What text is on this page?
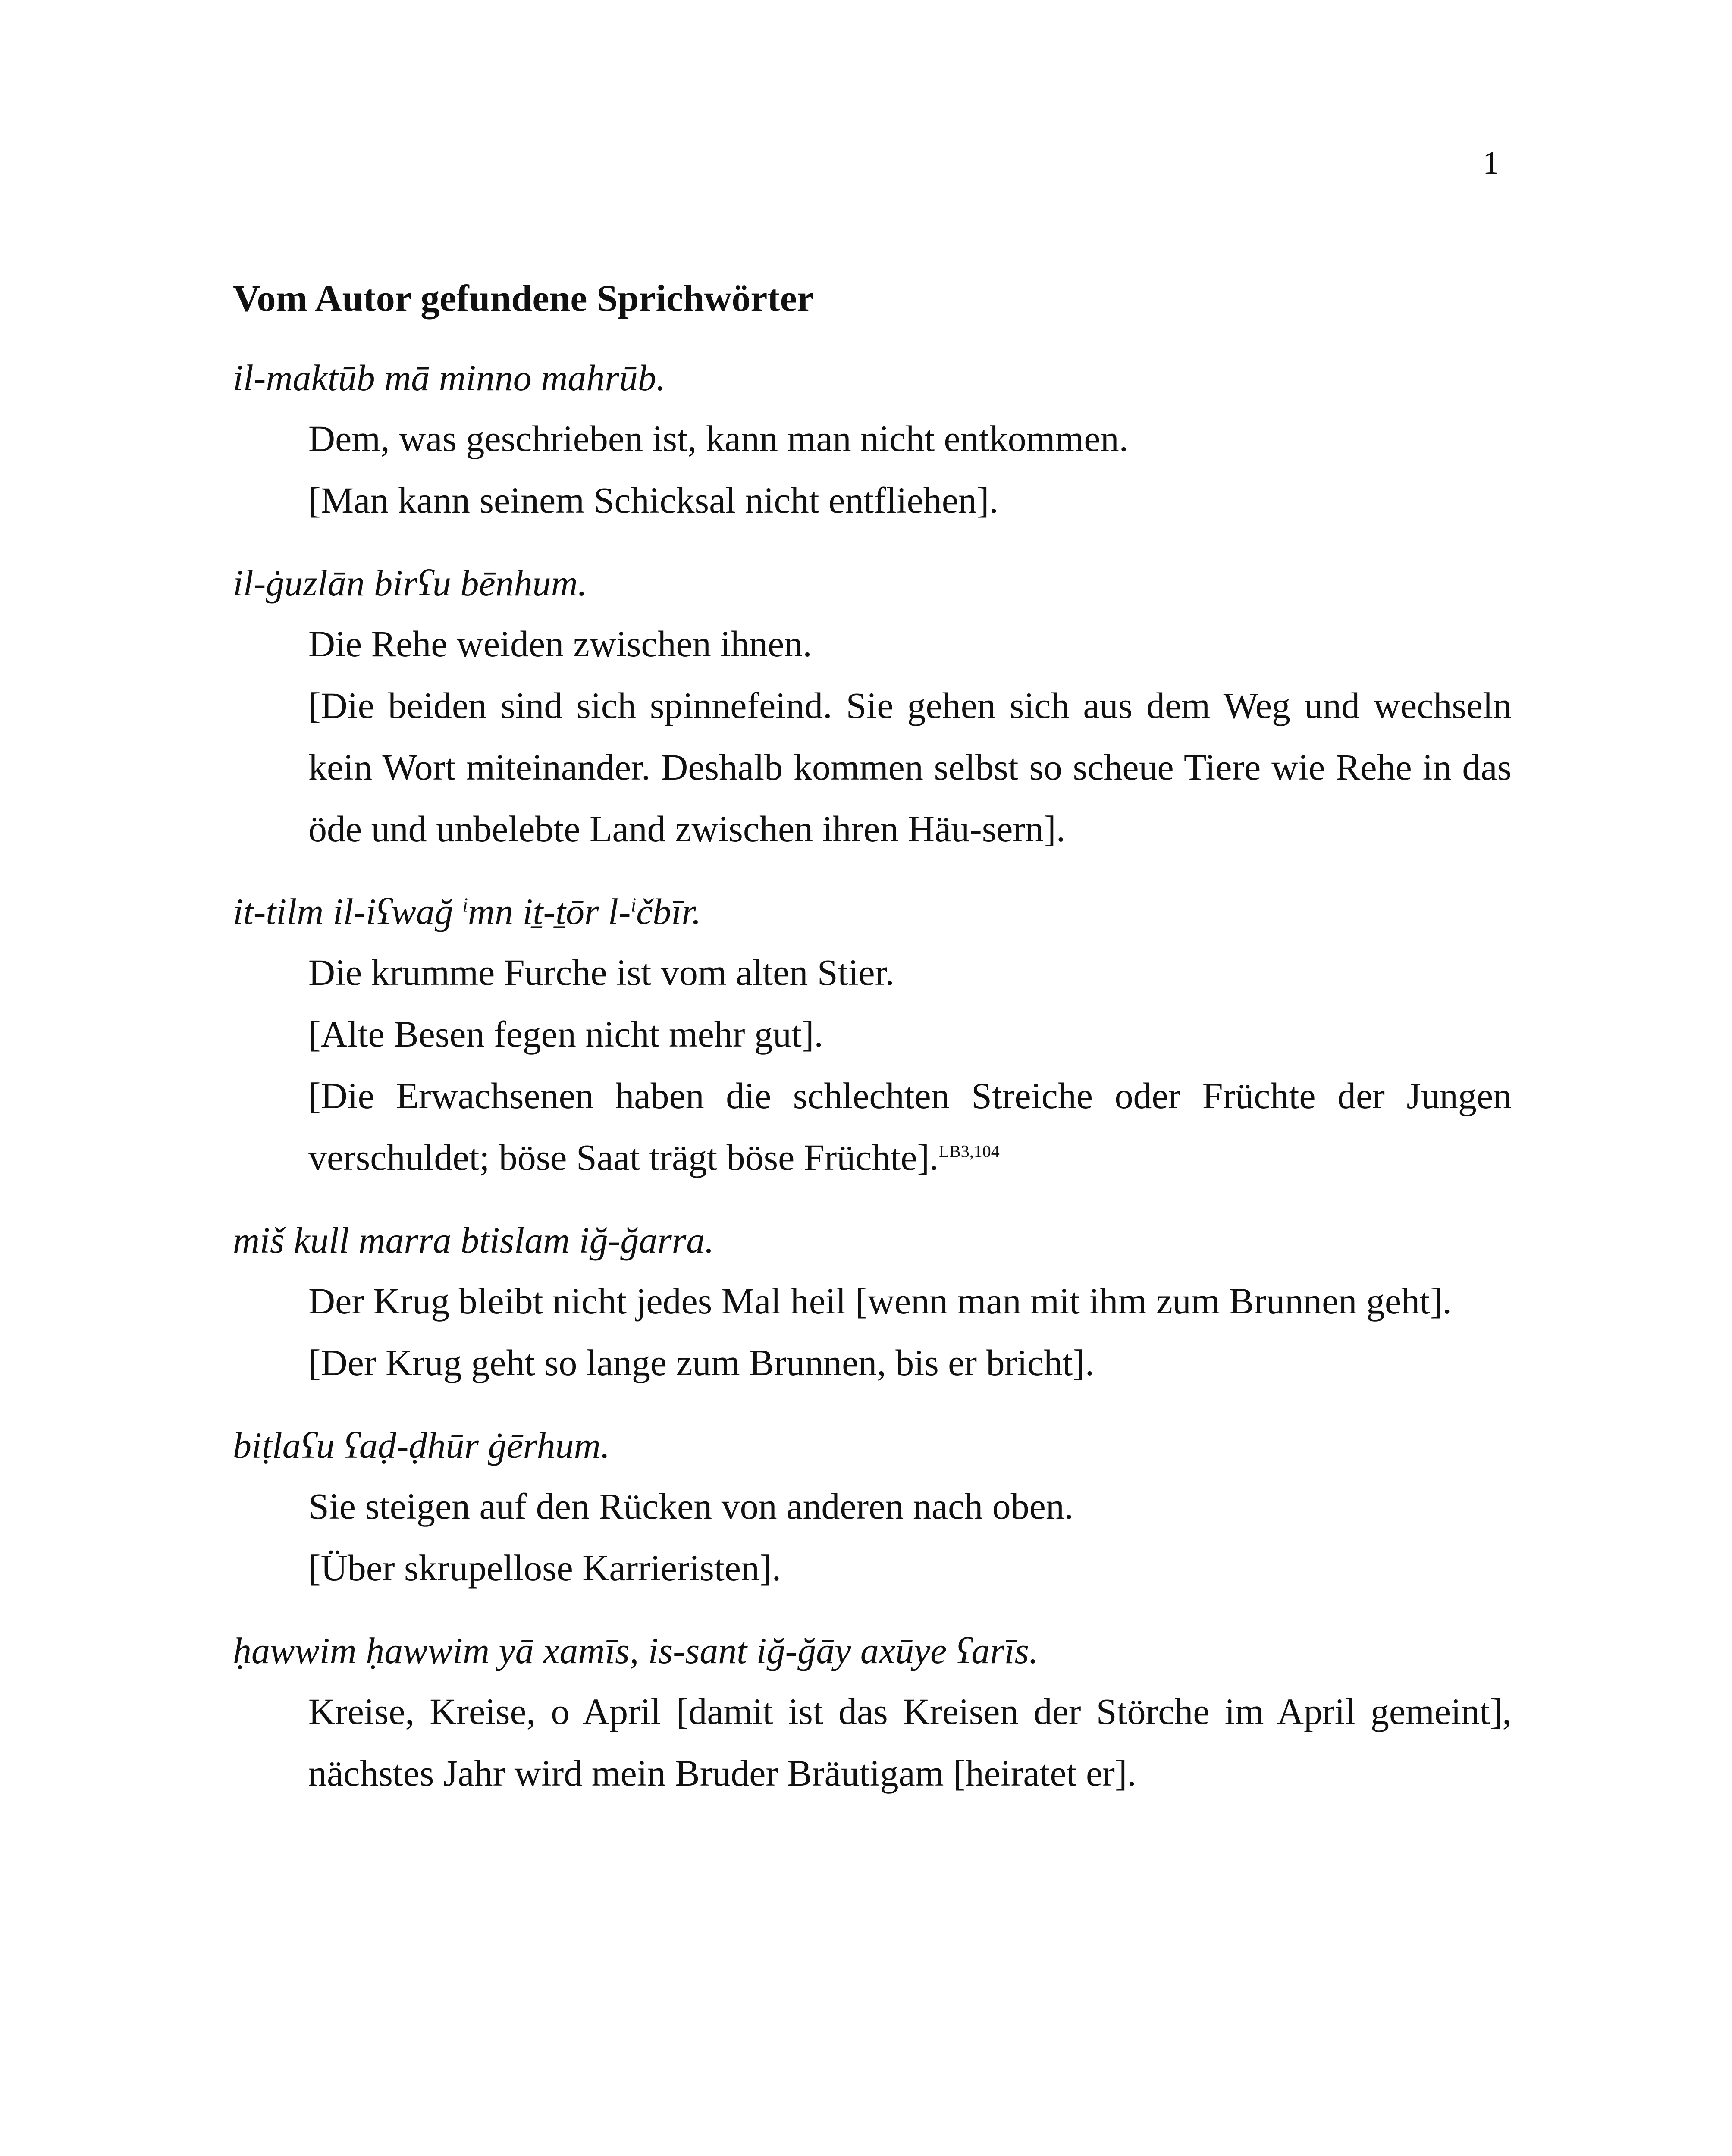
1
Vom Autor gefundene Sprichwörter

il-maktūb mā minno mahrūb.

Dem, was geschrieben ist, kann man nicht entkommen.

[Man kann seinem Schicksal nicht entfliehen].

il-ġuzlān birʕu bēnhum.

Die Rehe weiden zwischen ihnen.

[Die beiden sind sich spinnefeind. Sie gehen sich aus dem Weg und wechseln kein Wort miteinander. Deshalb kommen selbst so scheue Tiere wie Rehe in das öde und unbelebte Land zwischen ihren Häu-sern].

it-tilm il-iʕwağ $^i$mn iṯ-ṯōr l-$^i$čbīr.

Die krumme Furche ist vom alten Stier.

[Alte Besen fegen nicht mehr gut].

[Die Erwachsenen haben die schlechten Streiche oder Früchte der Jungen verschuldet; böse Saat trägt böse Früchte].$^{LB3,104}$

miš kull marra btislam iğ-ğarra.

Der Krug bleibt nicht jedes Mal heil [wenn man mit ihm zum Brunnen geht].

[Der Krug geht so lange zum Brunnen, bis er bricht].

biṭlaʕu ʕaḍ-ḍhūr ġērhum.

Sie steigen auf den Rücken von anderen nach oben.

[Über skrupellose Karrieristen].

ḥawwim ḥawwim yā xamīs, is-sant iğ-ğāy axūye ʕarīs.

Kreise, Kreise, o April [damit ist das Kreisen der Störche im April gemeint], nächstes Jahr wird mein Bruder Bräutigam [heiratet er].
